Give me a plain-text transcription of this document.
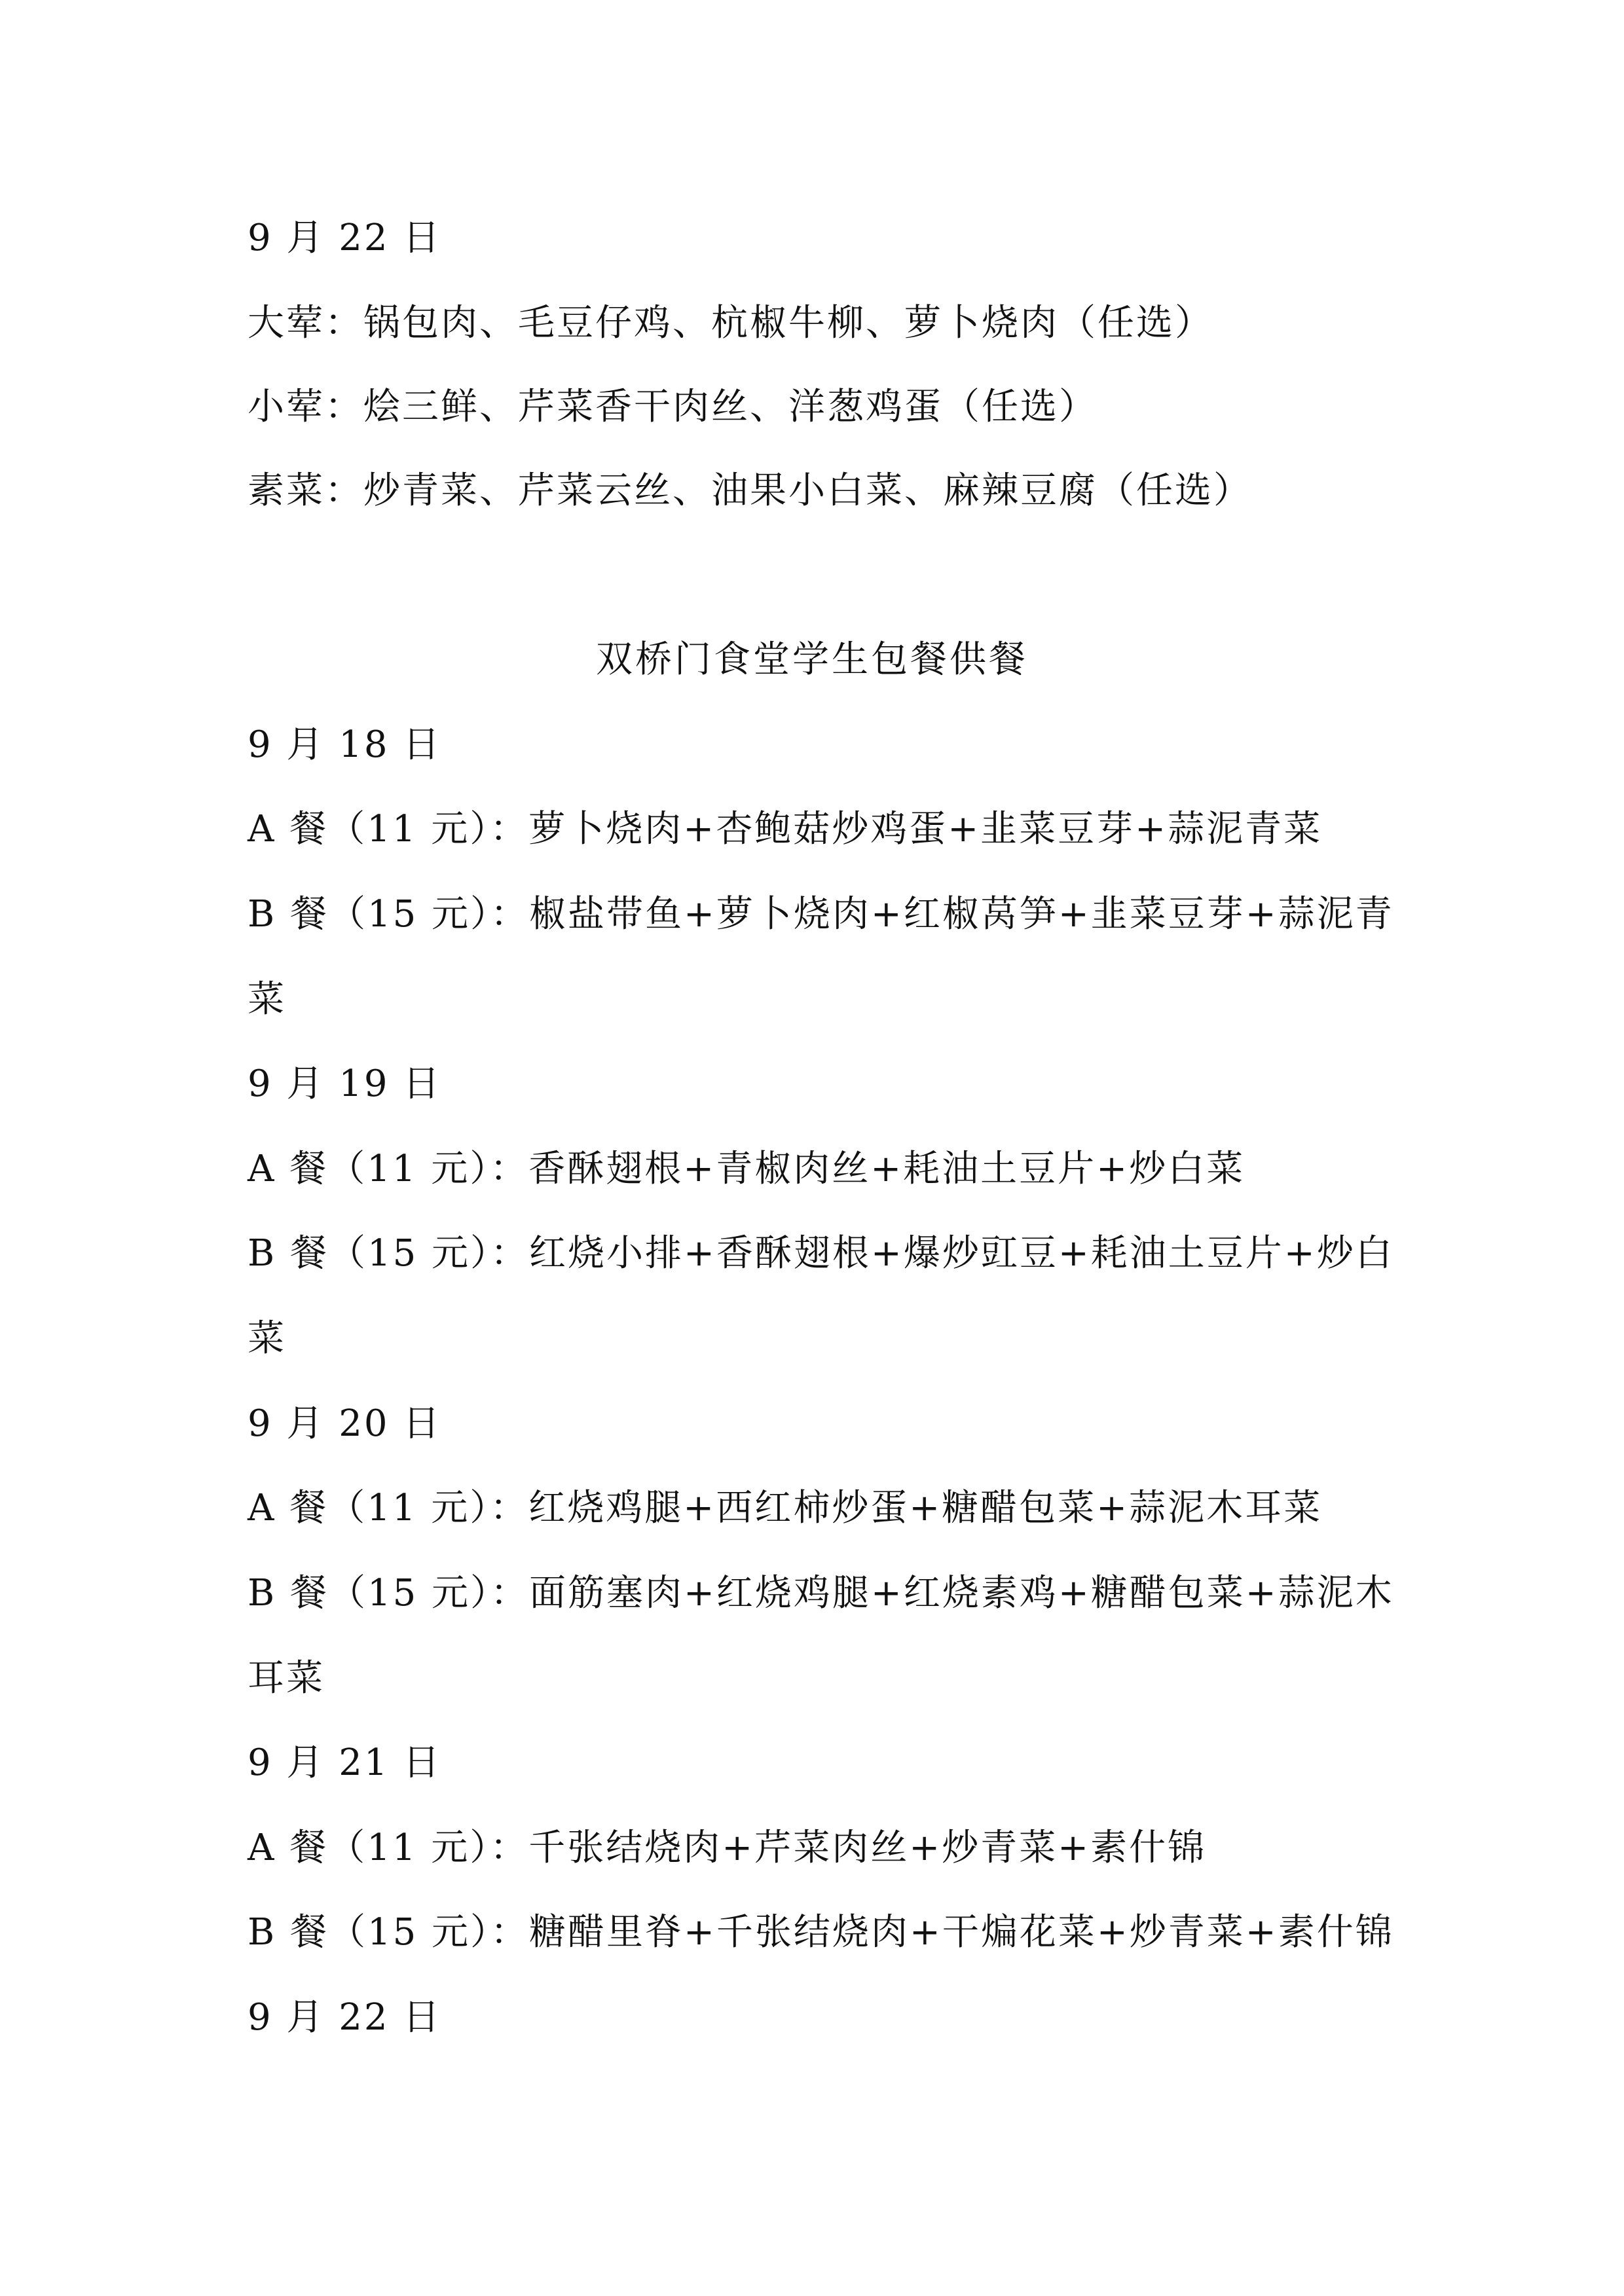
9 月 22 日
大荤：锅包肉、毛豆仔鸡、杭椒牛柳、萝卜烧肉（任选）
小荤：烩三鲜、芹菜香干肉丝、洋葱鸡蛋（任选）
素菜：炒青菜、芹菜云丝、油果小白菜、麻辣豆腐（任选）
双桥门食堂学生包餐供餐
9 月 18 日
A 餐（11 元）：萝卜烧肉+杏鲍菇炒鸡蛋+韭菜豆芽+蒜泥青菜
B 餐（15 元）：椒盐带鱼+萝卜烧肉+红椒莴笋+韭菜豆芽+蒜泥青
菜
9 月 19 日
A 餐（11 元）：香酥翅根+青椒肉丝+耗油土豆片+炒白菜
B 餐（15 元）：红烧小排+香酥翅根+爆炒豇豆+耗油土豆片+炒白
菜
9 月 20 日
A 餐（11 元）：红烧鸡腿+西红柿炒蛋+糖醋包菜+蒜泥木耳菜
B 餐（15 元）：面筋塞肉+红烧鸡腿+红烧素鸡+糖醋包菜+蒜泥木
耳菜
9 月 21 日
A 餐（11 元）：千张结烧肉+芹菜肉丝+炒青菜+素什锦
B 餐（15 元）：糖醋里脊+千张结烧肉+干煸花菜+炒青菜+素什锦
9 月 22 日
